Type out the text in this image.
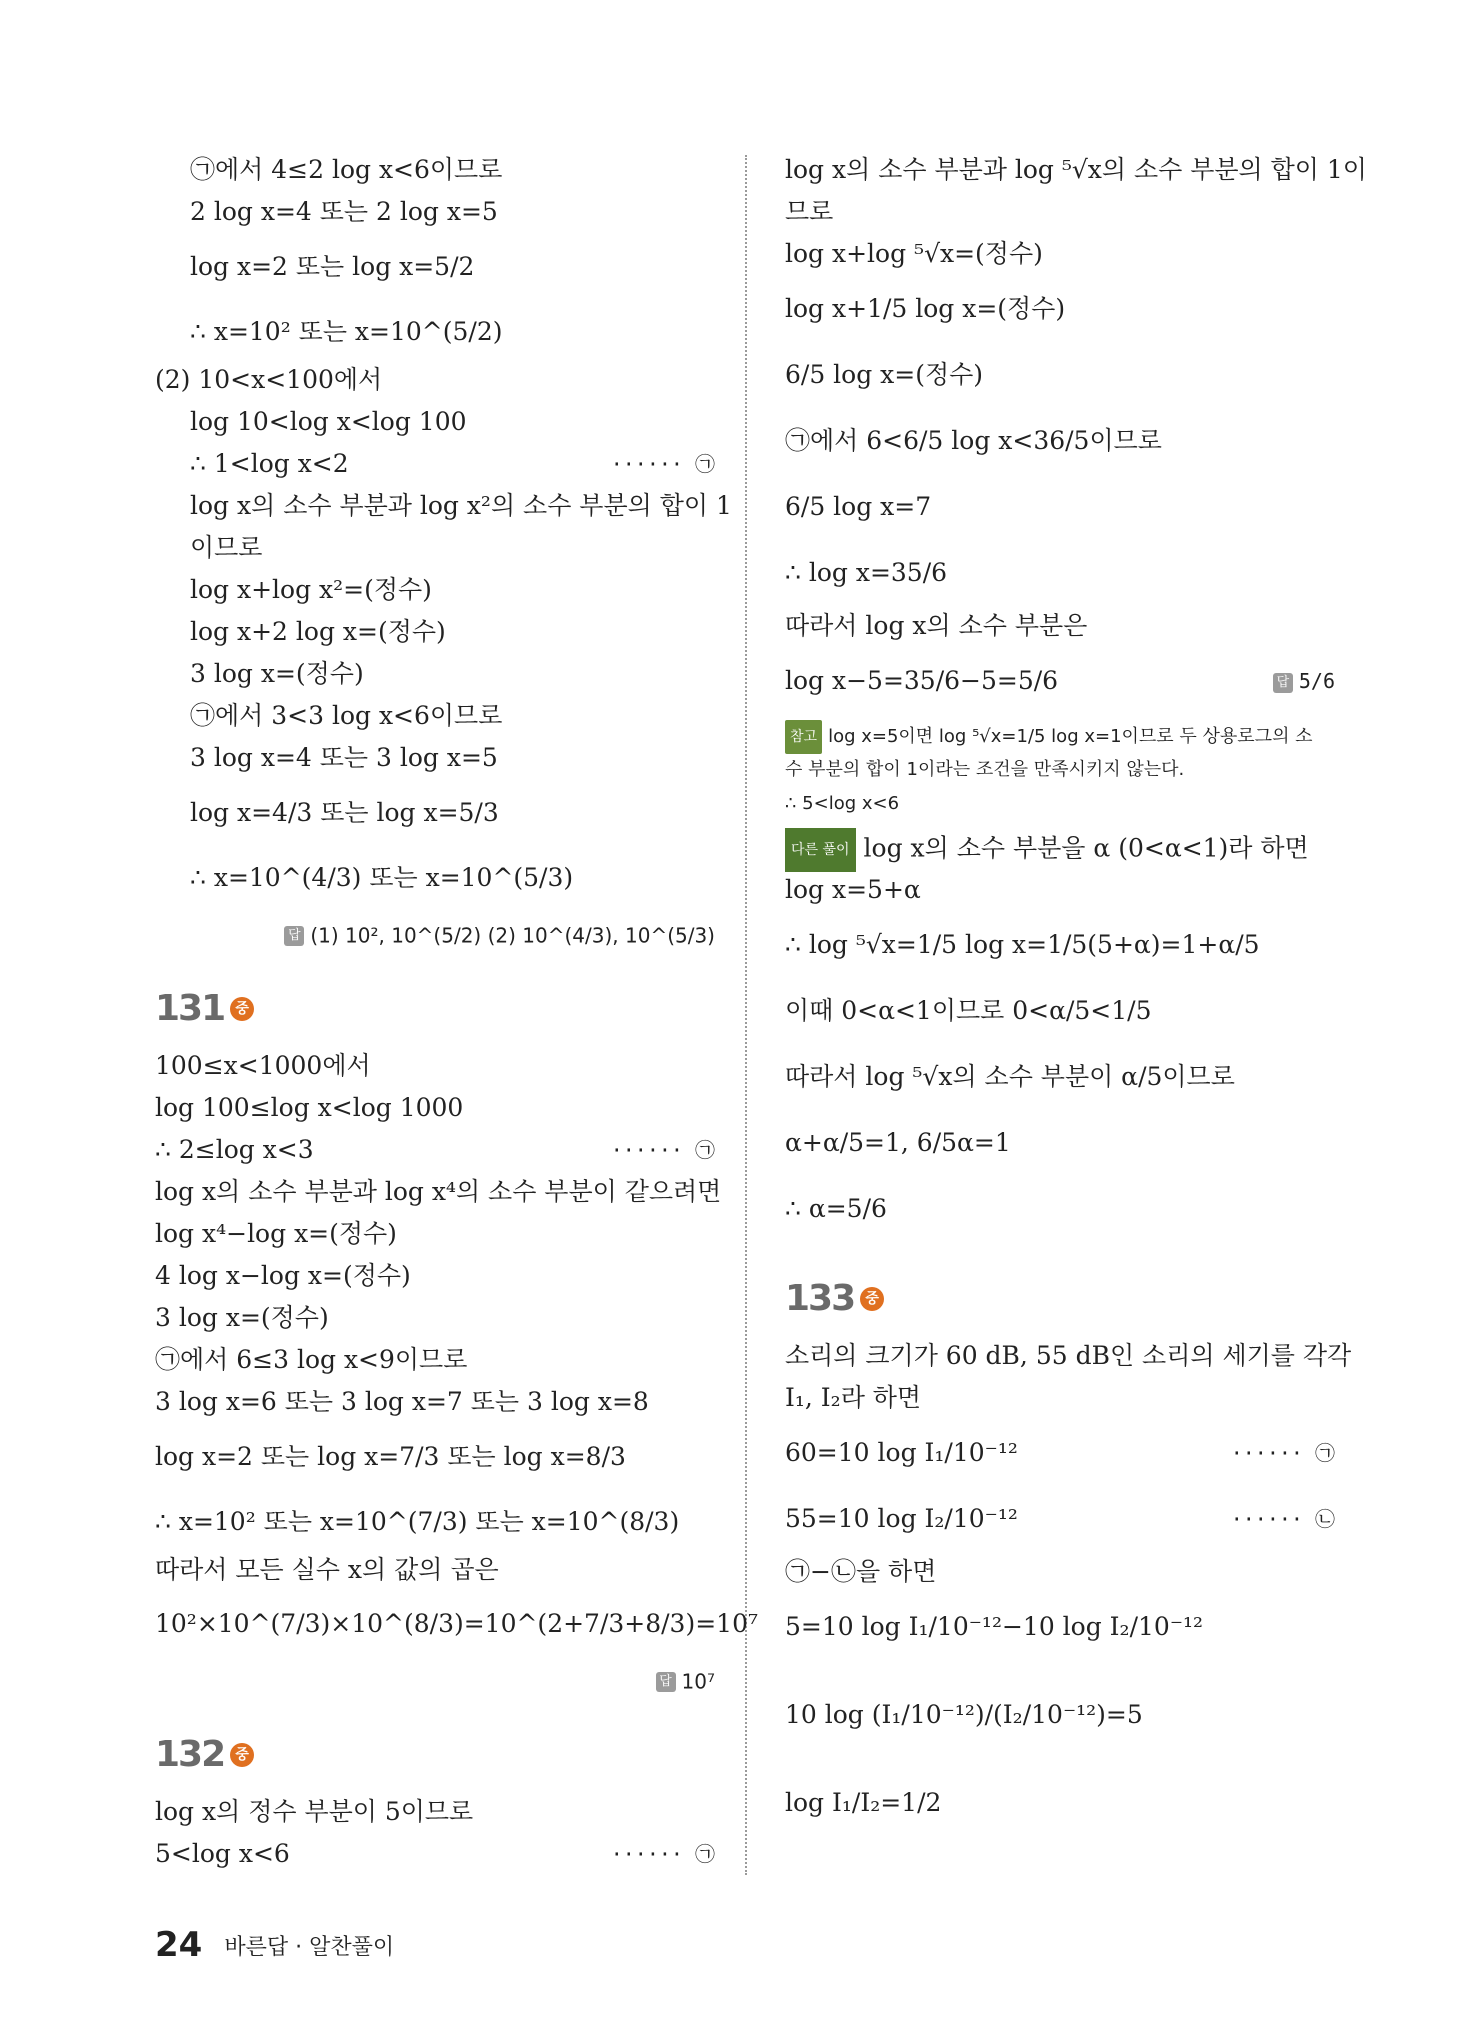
㉠에서 4≤2 log x<6이므로
2 log x=4 또는 2 log x=5
log x=2 또는 log x=5/2
∴ x=10² 또는 x=10^(5/2)
(2) 10<x<100에서
log 10<log x<log 100
∴ 1<log x<2	······ ㉠
log x의 소수 부분과 log x²의 소수 부분의 합이 1
이므로
log x+log x²=(정수)
log x+2 log x=(정수)
3 log x=(정수)
㉠에서 3<3 log x<6이므로
3 log x=4 또는 3 log x=5
log x=4/3 또는 log x=5/3
∴ x=10^(4/3) 또는 x=10^(5/3)
답 (1) 10², 10^(5/2) (2) 10^(4/3), 10^(5/3)
131 중
100≤x<1000에서
log 100≤log x<log 1000
∴ 2≤log x<3	······ ㉠
log x의 소수 부분과 log x⁴의 소수 부분이 같으려면
log x⁴−log x=(정수)
4 log x−log x=(정수)
3 log x=(정수)
㉠에서 6≤3 log x<9이므로
3 log x=6 또는 3 log x=7 또는 3 log x=8
log x=2 또는 log x=7/3 또는 log x=8/3
∴ x=10² 또는 x=10^(7/3) 또는 x=10^(8/3)
따라서 모든 실수 x의 값의 곱은
10²×10^(7/3)×10^(8/3)=10^(2+7/3+8/3)=10⁷
답 10⁷
132 중
log x의 정수 부분이 5이므로
5<log x<6	······ ㉠
log x의 소수 부분과 log ⁵√x의 소수 부분의 합이 1이
므로
log x+log ⁵√x=(정수)
log x+1/5 log x=(정수)
6/5 log x=(정수)
㉠에서 6<6/5 log x<36/5이므로
6/5 log x=7
∴ log x=35/6
따라서 log x의 소수 부분은
log x−5=35/6−5=5/6	답 5/6
참고 log x=5이면 log ⁵√x=1/5 log x=1이므로 두 상용로그의 소
수 부분의 합이 1이라는 조건을 만족시키지 않는다.
∴ 5<log x<6
다른 풀이 log x의 소수 부분을 α (0<α<1)라 하면
log x=5+α
∴ log ⁵√x=1/5 log x=1/5(5+α)=1+α/5
이때 0<α<1이므로 0<α/5<1/5
따라서 log ⁵√x의 소수 부분이 α/5이므로
α+α/5=1, 6/5α=1
∴ α=5/6
133 중
소리의 크기가 60 dB, 55 dB인 소리의 세기를 각각
I₁, I₂라 하면
60=10 log I₁/10⁻¹²	······ ㉠
55=10 log I₂/10⁻¹²	······ ㉡
㉠−㉡을 하면
5=10 log I₁/10⁻¹²−10 log I₂/10⁻¹²
10 log (I₁/10⁻¹²)/(I₂/10⁻¹²)=5
log I₁/I₂=1/2
24 바른답 · 알찬풀이
